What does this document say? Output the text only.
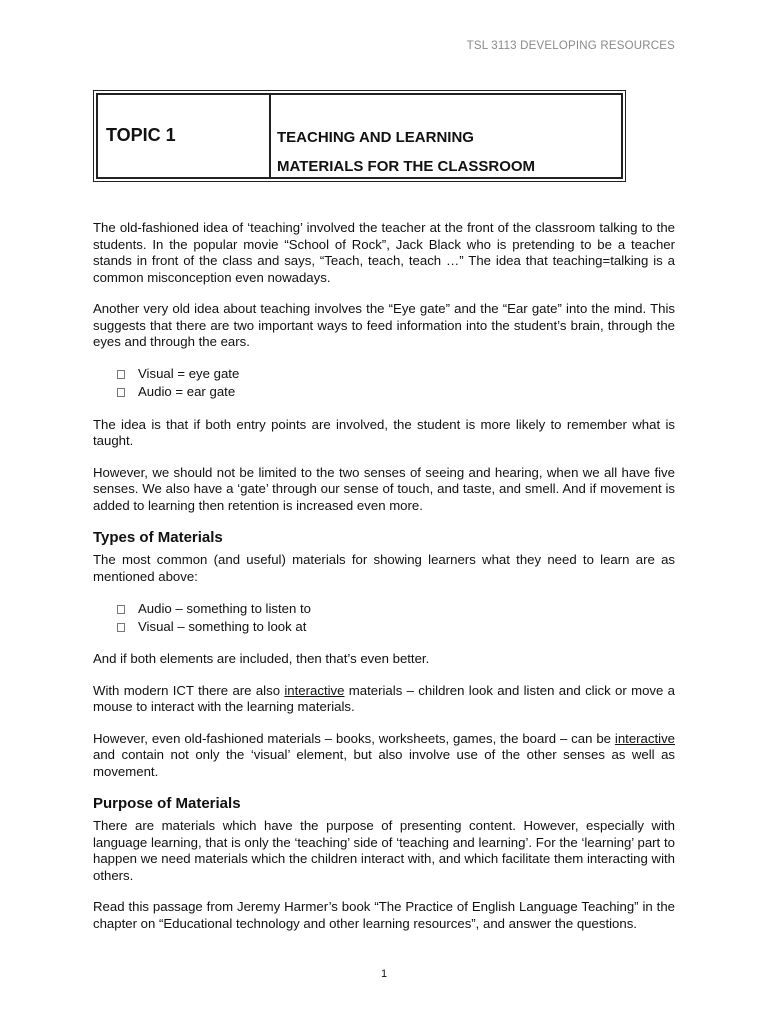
TSL 3113 DEVELOPING RESOURCES
TOPIC 1	TEACHING AND LEARNING
MATERIALS FOR THE CLASSROOM

The old-fashioned idea of ‘teaching’ involved the teacher at the front of the classroom talking to the students. In the popular movie “School of Rock”, Jack Black who is pretending to be a teacher stands in front of the class and says, “Teach, teach, teach …” The idea that teaching=talking is a common misconception even nowadays.

Another very old idea about teaching involves the “Eye gate” and the “Ear gate” into the mind. This suggests that there are two important ways to feed information into the student’s brain, through the eyes and through the ears.

Visual = eye gate
Audio = ear gate

The idea is that if both entry points are involved, the student is more likely to remember what is taught.

However, we should not be limited to the two senses of seeing and hearing, when we all have five senses. We also have a ‘gate’ through our sense of touch, and taste, and smell. And if movement is added to learning then retention is increased even more.

Types of Materials

The most common (and useful) materials for showing learners what they need to learn are as mentioned above:

Audio – something to listen to
Visual – something to look at

And if both elements are included, then that’s even better.

With modern ICT there are also interactive materials – children look and listen and click or move a mouse to interact with the learning materials.

However, even old-fashioned materials – books, worksheets, games, the board – can be interactive and contain not only the ‘visual’ element, but also involve use of the other senses as well as movement.

Purpose of Materials

There are materials which have the purpose of presenting content. However, especially with language learning, that is only the ‘teaching’ side of ‘teaching and learning’. For the ‘learning’ part to happen we need materials which the children interact with, and which facilitate them interacting with others.

Read this passage from Jeremy Harmer’s book “The Practice of English Language Teaching” in the chapter on “Educational technology and other learning resources”, and answer the questions.

1
